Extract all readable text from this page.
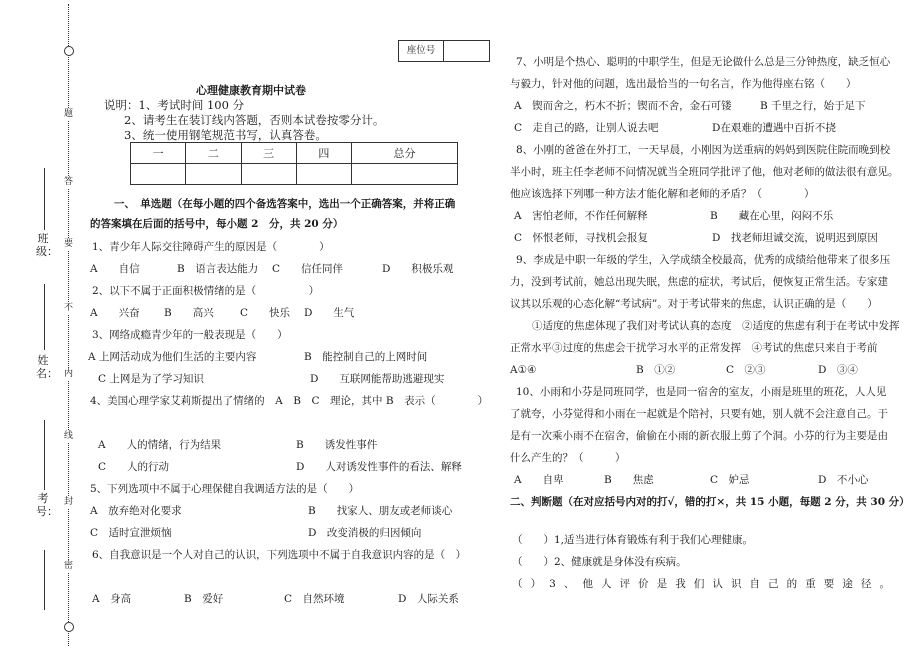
题
答
要
不
内
线
封
密
班级：
姓名：
考号：
座位号
心理健康教育期中试卷
说明：1、考试时间 100 分
2、请考生在装订线内答题，否则本试卷按零分计。
3、统一使用钢笔规范书写，认真答卷。
一	二	三	四	总分

一、　单选题（在每小题的四个备选答案中，选出一个正确答案，并将正确
的答案填在后面的括号中，每小题 2　分，共 20 分）
1、青少年人际交往障碍产生的原因是（　　　　）
A　　自信	B　语言表达能力 C　　信任同伴	D　　积极乐观
2、以下不属于正面积极情绪的是（　　　　　）
A　　兴奋 B　　高兴	C　　快乐 D　　生气
3、网络成瘾青少年的一般表现是（　　）
A 上网活动成为他们生活的主要内容	B　能控制自己的上网时间
C 上网是为了学习知识	D　　互联网能帮助逃避现实
4、美国心理学家艾莉斯提出了情绪的　A　B　C　理论，其中 B　表示（　　　　）
A　　人的情绪，行为结果	B　　诱发性事件
C　　人的行动	D　　人对诱发性事件的看法、解释
5、下列选项中不属于心理保健自我调适方法的是（　　）
A　放弃绝对化要求	B　　找家人、朋友或老师谈心
C　适时宣泄烦恼	D　改变消极的归因倾向
6、自我意识是一个人对自己的认识，下列选项中不属于自我意识内容的是（　）
A　身高	B　爱好	C　自然环境	D　人际关系
7、小明是个热心、聪明的中职学生，但是无论做什么总是三分钟热度，缺乏恒心
与毅力，针对他的问题，选出最恰当的一句名言，作为他得座右铭（　　）
A　锲而舍之，朽木不折；锲而不舍，金石可镂	B 千里之行，始于足下
C　走自己的路，让别人说去吧	D在艰难的遭遇中百折不挠
8、小刚的爸爸在外打工，一天早晨，小刚因为送重病的妈妈到医院住院而晚到校
半小时，班主任李老师不问情况就当全班同学批评了他，他对老师的做法很有意见。
他应该选择下列哪一种方法才能化解和老师的矛盾？（　　　　）
A　害怕老师，不作任何解释	B　　藏在心里，闷闷不乐
C　怀恨老师，寻找机会报复	D　找老师坦诚交流，说明迟到原因
9、李成是中职一年级的学生，入学成绩全校最高，优秀的成绩给他带来了很多压
力，没到考试前，她总出现失眠，焦虑的症状，考试后，便恢复正常生活。专家建
议其以乐观的心态化解“考试病”。对于考试带来的焦虑，认识正确的是（　　）
①适度的焦虑体现了我们对考试认真的态度　②适度的焦虑有利于在考试中发挥
正常水平③过度的焦虑会干扰学习水平的正常发挥　④考试的焦虑只来自于考前
A①④	B　①②	C　②③	D　③④
10、小雨和小芬是同班同学，也是同一宿舍的室友，小雨是班里的班花，人人见
了就夸，小芬觉得和小雨在一起就是个陪衬，只要有她，别人就不会注意自己。于
是有一次乘小雨不在宿舍，偷偷在小雨的新衣服上剪了个洞。小芬的行为主要是由
什么产生的？（　　　）
A　　自卑	B　　焦虑	C　妒忌	D　不小心
二、判断题（在对应括号内对的打√，错的打×，共 15 小题，每题 2 分，共 30 分）
（　　）1,适当进行体育锻炼有利于我们心理健康。
（　　）2、健康就是身体没有疾病。
（ ） 3 、 他 人 评 价 是 我 们 认 识 自 己 的 重 要 途 径 。
